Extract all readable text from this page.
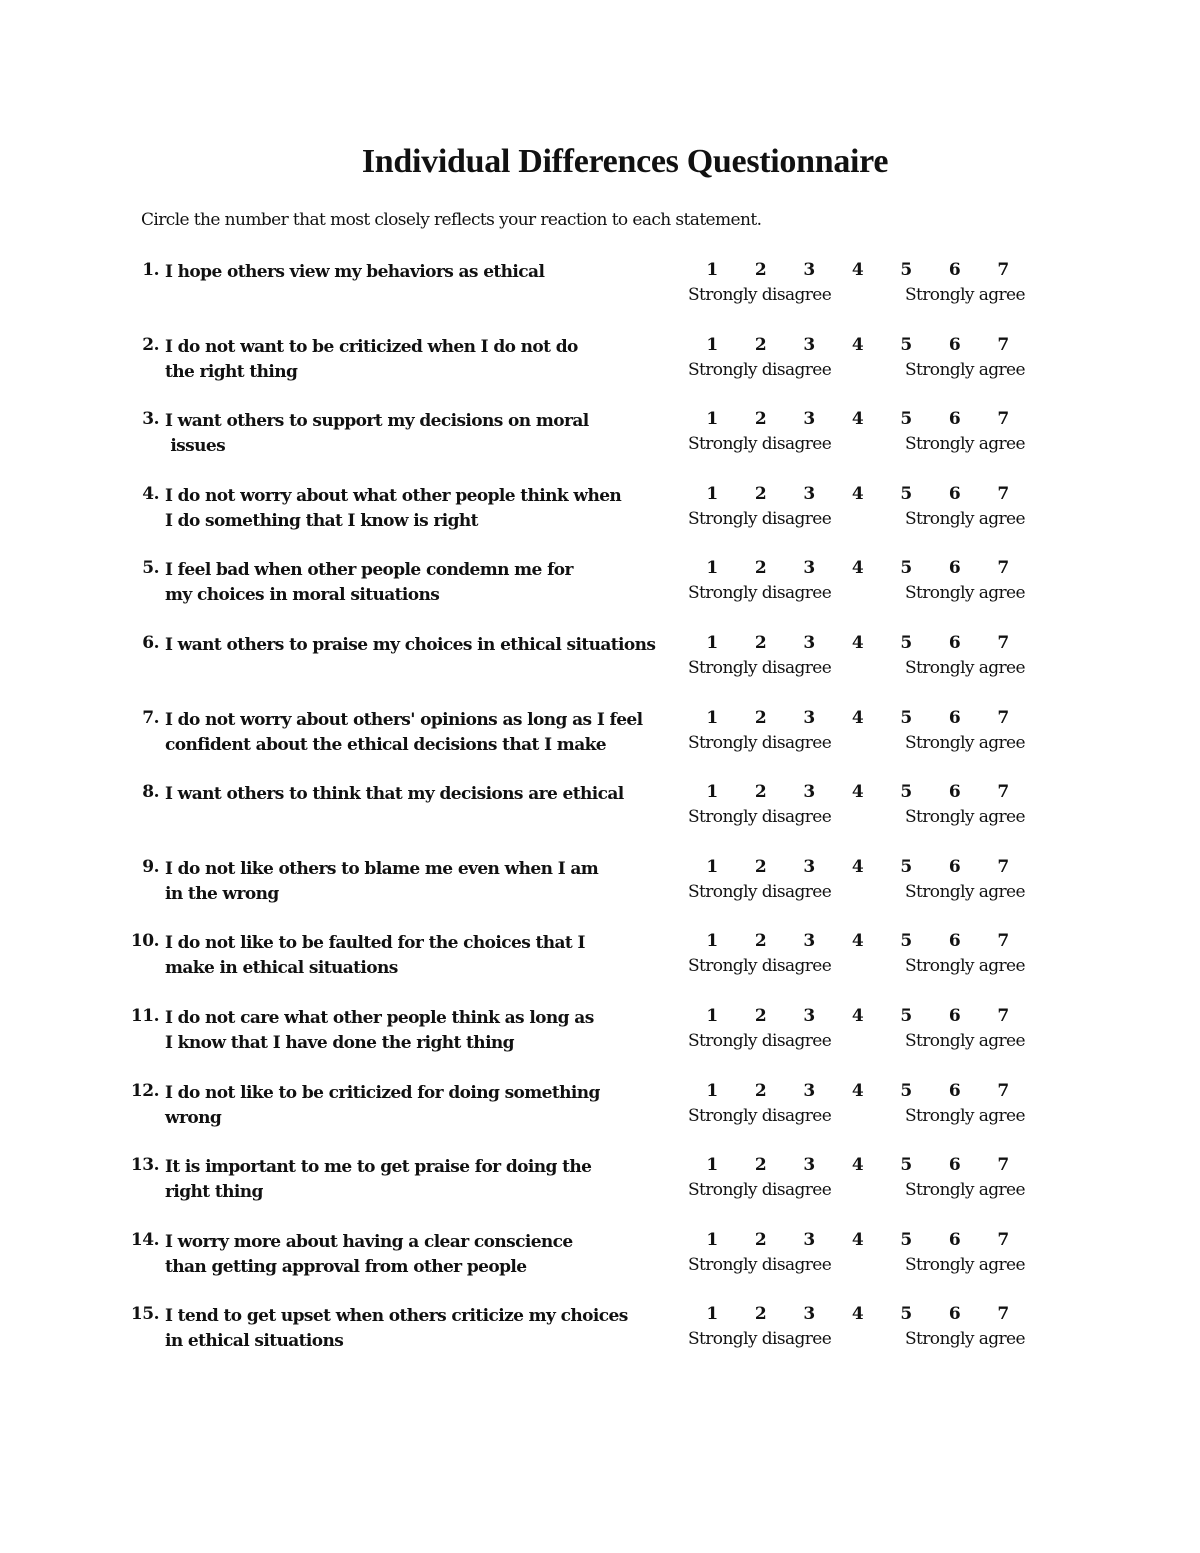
Individual Differences Questionnaire
Circle the number that most closely reflects your reaction to each statement.
1. I hope others view my behaviors as ethical	1	2	3	4	5	6	7
Strongly disagree	Strongly agree
2. I do not want to be criticized when I do not do
the right thing
1	2	3	4	5	6	7
Strongly disagree	Strongly agree
3. I want others to support my decisions on moral
issues
1	2	3	4	5	6	7
Strongly disagree	Strongly agree
4. I do not worry about what other people think when
I do something that I know is right
1	2	3	4	5	6	7
Strongly disagree	Strongly agree
5. I feel bad when other people condemn me for
my choices in moral situations
1	2	3	4	5	6	7
Strongly disagree	Strongly agree
6. I want others to praise my choices in ethical situations	1	2	3	4	5	6	7
Strongly disagree	Strongly agree
7. I do not worry about others' opinions as long as I feel
confident about the ethical decisions that I make
1	2	3	4	5	6	7
Strongly disagree	Strongly agree
8. I want others to think that my decisions are ethical	1	2	3	4	5	6	7
Strongly disagree	Strongly agree
9. I do not like others to blame me even when I am
in the wrong
1	2	3	4	5	6	7
Strongly disagree	Strongly agree
10. I do not like to be faulted for the choices that I
make in ethical situations
1	2	3	4	5	6	7
Strongly disagree	Strongly agree
11. I do not care what other people think as long as
I know that I have done the right thing
1	2	3	4	5	6	7
Strongly disagree	Strongly agree
12. I do not like to be criticized for doing something
wrong
1	2	3	4	5	6	7
Strongly disagree	Strongly agree
13. It is important to me to get praise for doing the
right thing
1	2	3	4	5	6	7
Strongly disagree	Strongly agree
14. I worry more about having a clear conscience
than getting approval from other people
1	2	3	4	5	6	7
Strongly disagree	Strongly agree
15. I tend to get upset when others criticize my choices
in ethical situations
1	2	3	4	5	6	7
Strongly disagree	Strongly agree
